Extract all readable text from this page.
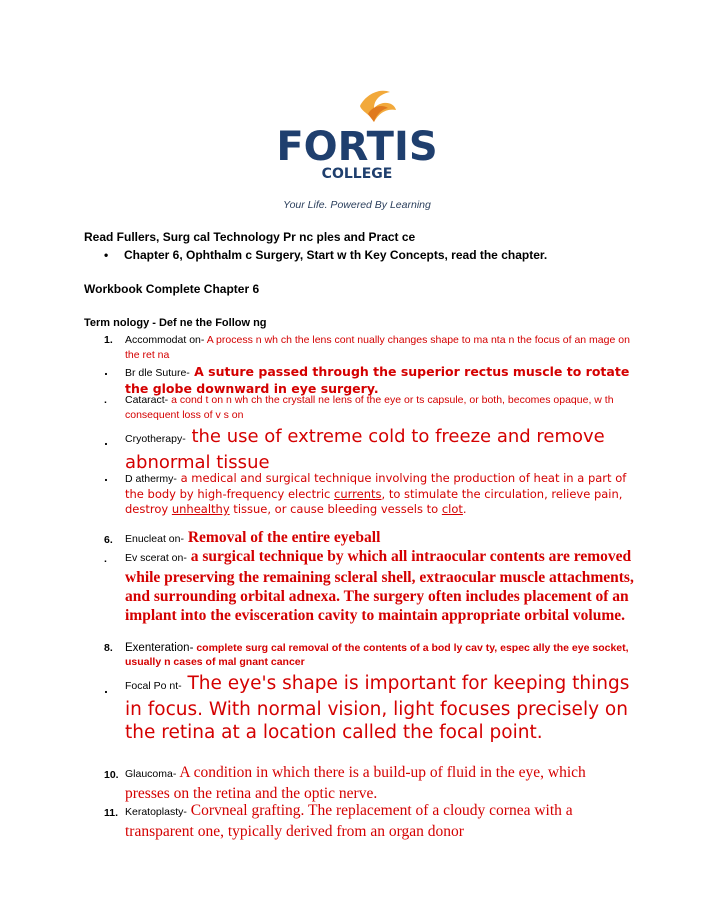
FORTIS
COLLEGE
Your Life. Powered By Learning
Read Fullers, Surg cal Technology Pr nc ples and Pract ce
• Chapter 6, Ophthalm c Surgery, Start w th Key Concepts, read the chapter.
Workbook Complete Chapter 6
Term nology - Def ne the Follow ng
1.	Accommodat on- A process n wh ch the lens cont nually changes shape to ma nta n the focus of an mage on the ret na
.	Br dle Suture- A suture passed through the superior rectus muscle to rotate the globe downward in eye surgery.
.	Cataract- a cond t on n wh ch the crystall ne lens of the eye or ts capsule, or both, becomes opaque, w th consequent loss of v s on
.	Cryotherapy- the use of extreme cold to freeze and remove abnormal tissue
.	D athermy- a medical and surgical technique involving the production of heat in a part of the body by high-frequency electric currents, to stimulate the circulation, relieve pain, destroy unhealthy tissue, or cause bleeding vessels to clot.
6.	Enucleat on- Removal of the entire eyeball
.	Ev scerat on- a surgical technique by which all intraocular contents are removed while preserving the remaining scleral shell, extraocular muscle attachments, and surrounding orbital adnexa. The surgery often includes placement of an implant into the evisceration cavity to maintain appropriate orbital volume.
8.	Exenteration- complete surg cal removal of the contents of a bod ly cav ty, espec ally the eye socket, usually n cases of mal gnant cancer
.	Focal Po nt- The eye's shape is important for keeping things in focus. With normal vision, light focuses precisely on the retina at a location called the focal point.
10. Glaucoma- A condition in which there is a build-up of fluid in the eye, which presses on the retina and the optic nerve.
11. Keratoplasty- Corvneal grafting. The replacement of a cloudy cornea with a transparent one, typically derived from an organ donor
